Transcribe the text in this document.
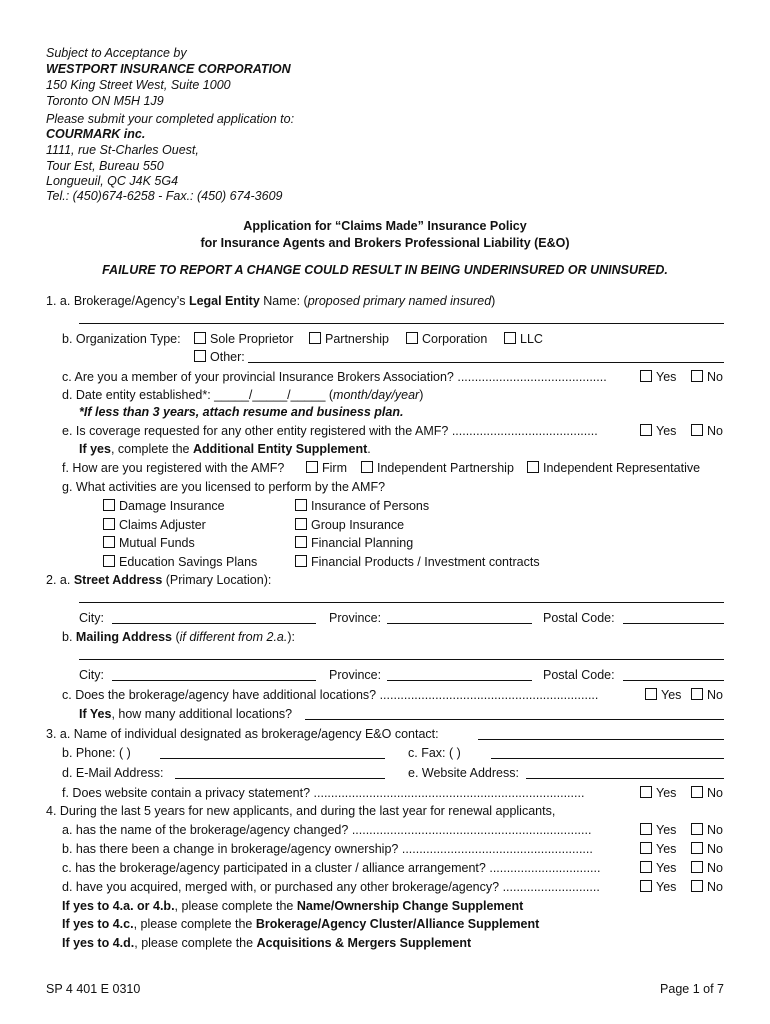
Subject to Acceptance by
WESTPORT INSURANCE CORPORATION
150 King Street West, Suite 1000
Toronto ON M5H 1J9
Please submit your completed application to:
COURMARK inc.
1111, rue St-Charles Ouest,
Tour Est, Bureau 550
Longueuil, QC J4K 5G4
Tel.: (450)674-6258 - Fax.: (450) 674-3609
Application for “Claims Made” Insurance Policy
for Insurance Agents and Brokers Professional Liability (E&O)
FAILURE TO REPORT A CHANGE COULD RESULT IN BEING UNDERINSURED OR UNINSURED.
1. a. Brokerage/Agency’s Legal Entity Name: (proposed primary named insured)
b. Organization Type:	Sole Proprietor	Partnership	Corporation	LLC
Other:
c. Are you a member of your provincial Insurance Brokers Association? ...........................................	Yes	No
d. Date entity established*: _____/_____/_____ (month/day/year)
*If less than 3 years, attach resume and business plan.
e. Is coverage requested for any other entity registered with the AMF? ..........................................	Yes	No
If yes, complete the Additional Entity Supplement.
f. How are you registered with the AMF?	Firm	Independent Partnership	Independent Representative
g. What activities are you licensed to perform by the AMF?
Damage Insurance
Claims Adjuster
Mutual Funds
Education Savings Plans
Insurance of Persons
Group Insurance
Financial Planning
Financial Products / Investment contracts
2. a. Street Address (Primary Location):
City:	Province:	Postal Code:
b. Mailing Address (if different from 2.a.):
City:	Province:	Postal Code:
c. Does the brokerage/agency have additional locations? ...............................................................	Yes	No
If Yes, how many additional locations?
3. a. Name of individual designated as brokerage/agency E&O contact:
b. Phone: ( )	c. Fax: ( )
d. E-Mail Address:	e. Website Address:
f. Does website contain a privacy statement? ..............................................................................	Yes	No
4. During the last 5 years for new applicants, and during the last year for renewal applicants,
a. has the name of the brokerage/agency changed? .....................................................................	Yes	No
b. has there been a change in brokerage/agency ownership? .......................................................	Yes	No
c. has the brokerage/agency participated in a cluster / alliance arrangement? ................................	Yes	No
d. have you acquired, merged with, or purchased any other brokerage/agency? ............................	Yes	No
If yes to 4.a. or 4.b., please complete the Name/Ownership Change Supplement
If yes to 4.c., please complete the Brokerage/Agency Cluster/Alliance Supplement
If yes to 4.d., please complete the Acquisitions & Mergers Supplement
SP 4 401 E 0310	Page 1 of 7
